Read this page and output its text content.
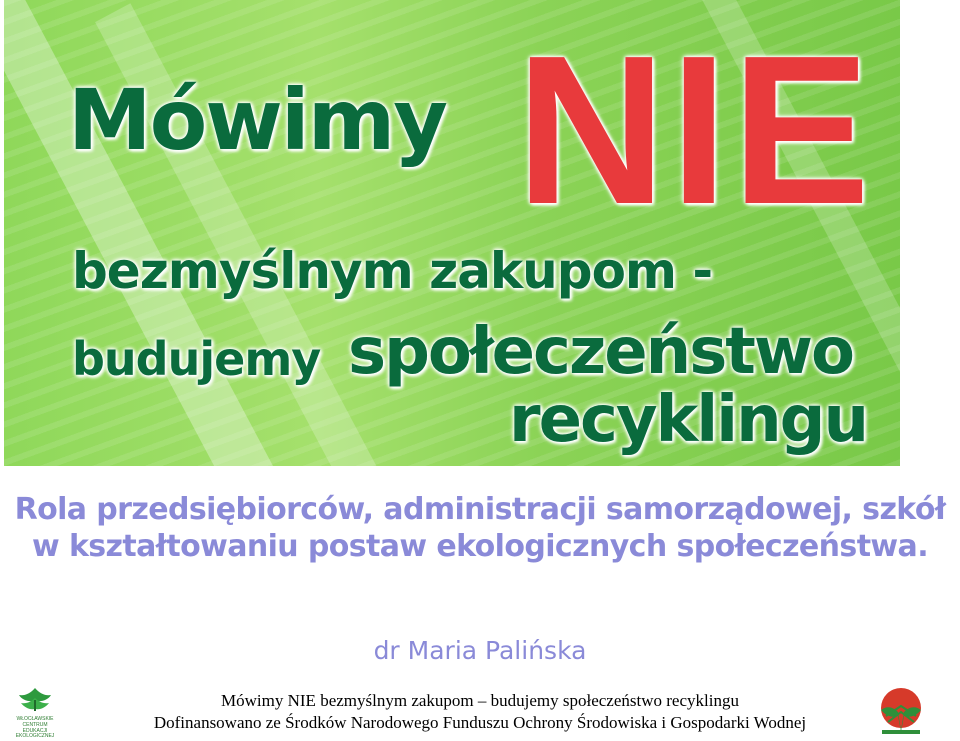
Mówimy NIE
bezmyślnym zakupom -
budujemy społeczeństwo
recyklingu
Rola przedsiębiorców, administracji samorządowej, szkół
w kształtowaniu postaw ekologicznych społeczeństwa.
dr Maria Palińska
WŁOCŁAWSKIE
CENTRUM
EDUKACJI
EKOLOGICZNEJ
Mówimy NIE bezmyślnym zakupom – budujemy społeczeństwo recyklingu
Dofinansowano ze Środków Narodowego Funduszu Ochrony Środowiska i Gospodarki Wodnej
